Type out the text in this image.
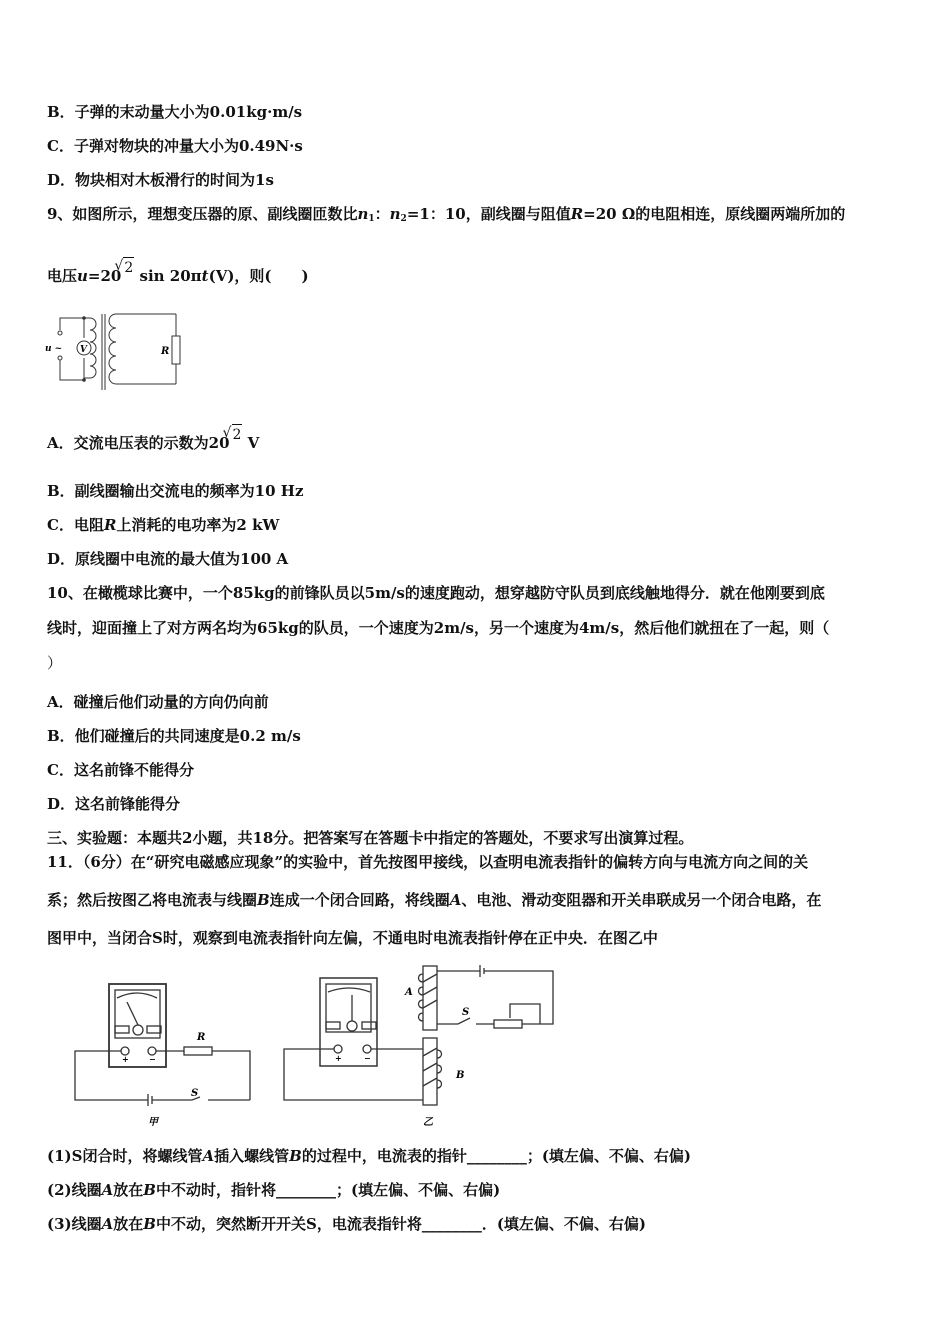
B．子弹的末动量大小为0.01kg·m/s
C．子弹对物块的冲量大小为0.49N·s
D．物块相对木板滑行的时间为1s
9、如图所示，理想变压器的原、副线圈匝数比$n_1$：$n_2=1$：10，副线圈与阻值R=20 Ω的电阻相连，原线圈两端所加的
电压u=20 √ 2 sin 20πt(V)，则(　　)
u ~ V	R
A．交流电压表的示数为20 √ 2 V
B．副线圈输出交流电的频率为10 Hz
C．电阻R上消耗的电功率为2 kW
D．原线圈中电流的最大值为100 A
10、在橄榄球比赛中，一个85kg的前锋队员以5m/s的速度跑动，想穿越防守队员到底线触地得分．就在他刚要到底
线时，迎面撞上了对方两名均为65kg的队员，一个速度为2m/s，另一个速度为4m/s，然后他们就扭在了一起，则（
）
A．碰撞后他们动量的方向仍向前
B．他们碰撞后的共同速度是0.2 m/s
C．这名前锋不能得分
D．这名前锋能得分
三、实验题：本题共2小题，共18分。把答案写在答题卡中指定的答题处，不要求写出演算过程。
11．（6分）在“研究电磁感应现象”的实验中，首先按图甲接线，以查明电流表指针的偏转方向与电流方向之间的关
系；然后按图乙将电流表与线圈B连成一个闭合回路，将线圈A、电池、滑动变阻器和开关串联成另一个闭合电路，在
图甲中，当闭合S时，观察到电流表指针向左偏，不通电时电流表指针停在正中央．在图乙中
R
S
+	−
甲
A
S
B
+	−
乙
(1)S闭合时，将螺线管A插入螺线管B的过程中，电流表的指针________；(填左偏、不偏、右偏)
(2)线圈A放在B中不动时，指针将________；(填左偏、不偏、右偏)
(3)线圈A放在B中不动，突然断开开关S，电流表指针将________．(填左偏、不偏、右偏)
